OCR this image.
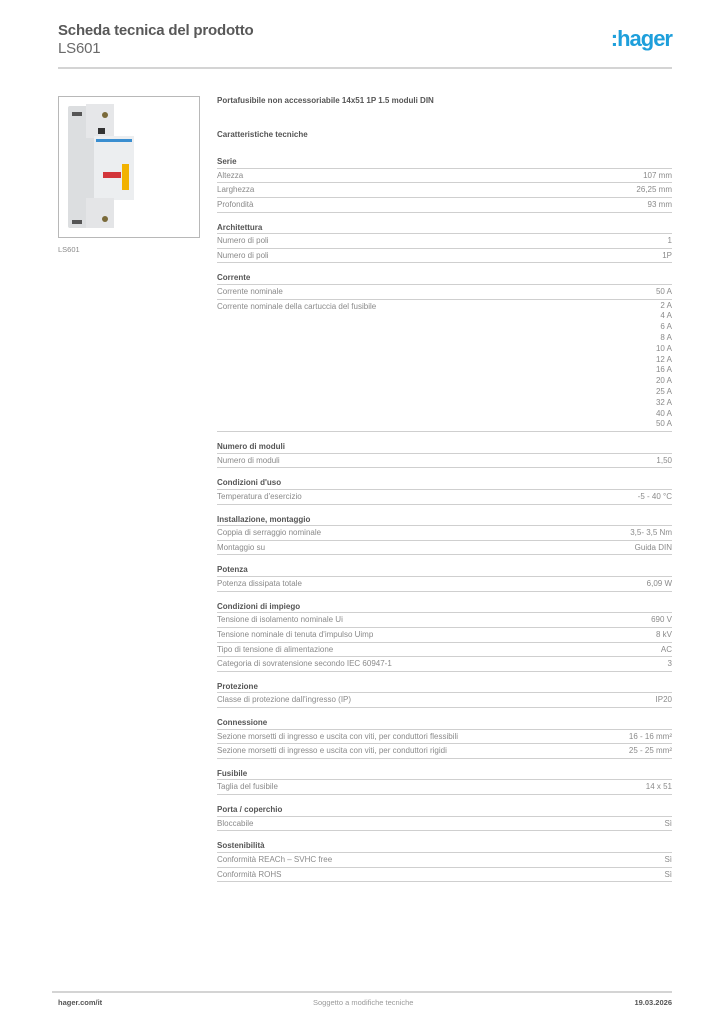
Scheda tecnica del prodotto
LS601	:hager
LS601
Portafusibile non accessoriabile 14x51 1P 1.5 moduli DIN
Caratteristiche tecniche
Serie
Altezza	107 mm
Larghezza	26,25 mm
Profondità	93 mm
Architettura
Numero di poli	1
Numero di poli	1P
Corrente
Corrente nominale	50 A
Corrente nominale della cartuccia del fusibile	2 A
4 A
6 A
8 A
10 A
12 A
16 A
20 A
25 A
32 A
40 A
50 A
Numero di moduli
Numero di moduli	1,50
Condizioni d'uso
Temperatura d'esercizio	-5 - 40 °C
Installazione, montaggio
Coppia di serraggio nominale	3,5- 3,5 Nm
Montaggio su	Guida DIN
Potenza
Potenza dissipata totale	6,09 W
Condizioni di impiego
Tensione di isolamento nominale Ui	690 V
Tensione nominale di tenuta d'impulso Uimp	8 kV
Tipo di tensione di alimentazione	AC
Categoria di sovratensione secondo IEC 60947-1	3
Protezione
Classe di protezione dall'ingresso (IP)	IP20
Connessione
Sezione morsetti di ingresso e uscita con viti, per conduttori flessibili	16 - 16 mm²
Sezione morsetti di ingresso e uscita con viti, per conduttori rigidi	25 - 25 mm²
Fusibile
Taglia del fusibile	14 x 51
Porta / coperchio
Bloccabile	Sì
Sostenibilità
Conformità REACh – SVHC free	Sì
Conformità ROHS	Sì
hager.com/it	Soggetto a modifiche tecniche	19.03.2026
